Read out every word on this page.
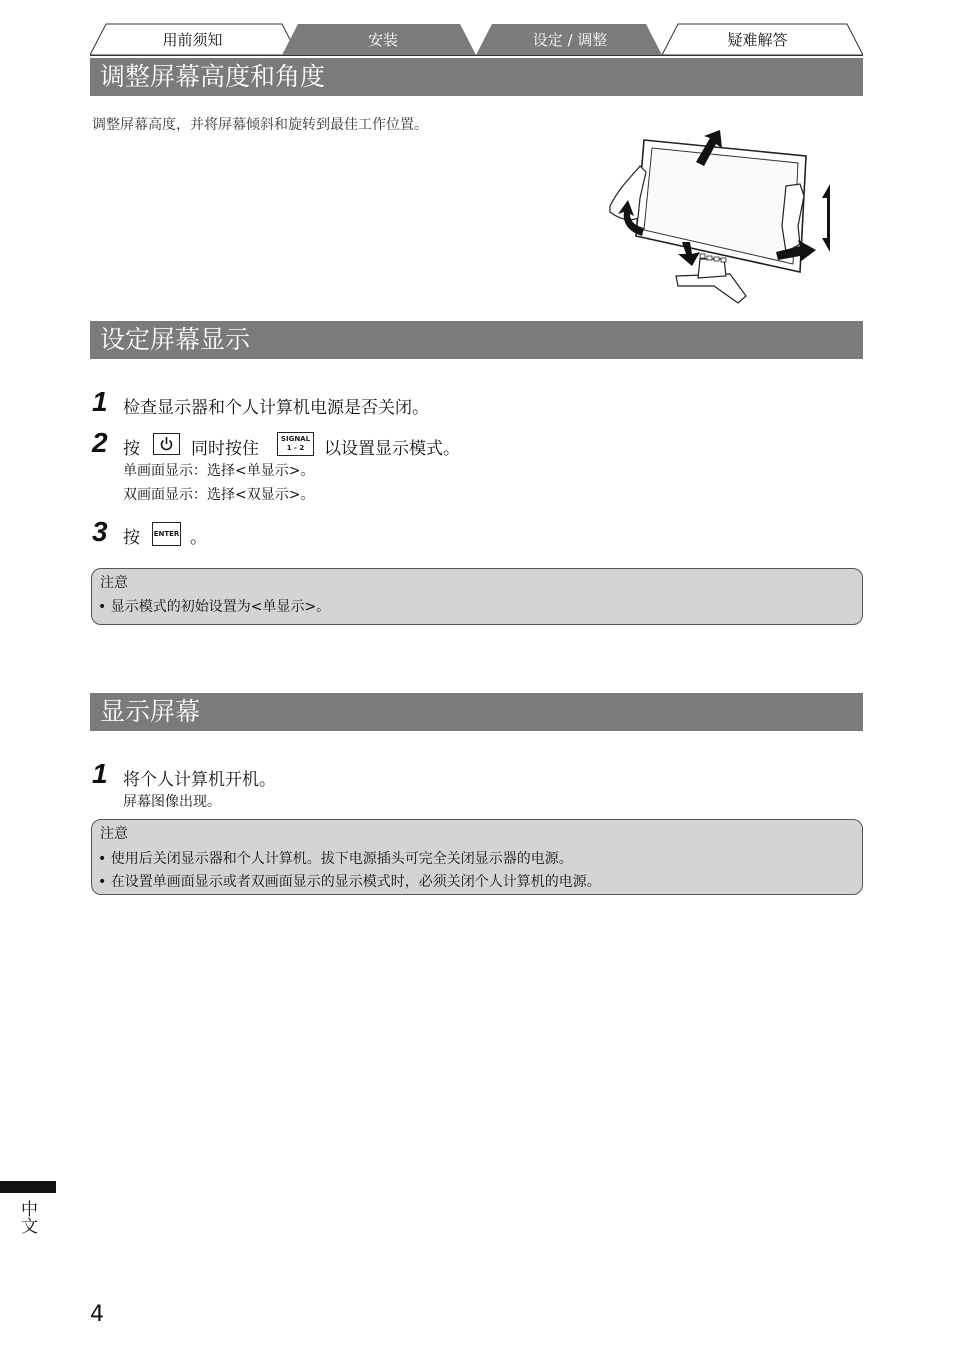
用前须知	安装	设定 / 调整	疑难解答
调整屏幕高度和角度
调整屏幕高度，并将屏幕倾斜和旋转到最佳工作位置。
设定屏幕显示
1 检查显示器和个人计算机电源是否关闭。
2 按	同时按住	SIGNAL
1 - 2	以设置显示模式。
单画面显示：选择<单显示>。
双画面显示：选择<双显示>。
3 按 ENTER 。
注意
• 显示模式的初始设置为<单显示>。
显示屏幕
1 将个人计算机开机。
屏幕图像出现。
注意
• 使用后关闭显示器和个人计算机。拔下电源插头可完全关闭显示器的电源。
• 在设置单画面显示或者双画面显示的显示模式时，必须关闭个人计算机的电源。
中文
4
